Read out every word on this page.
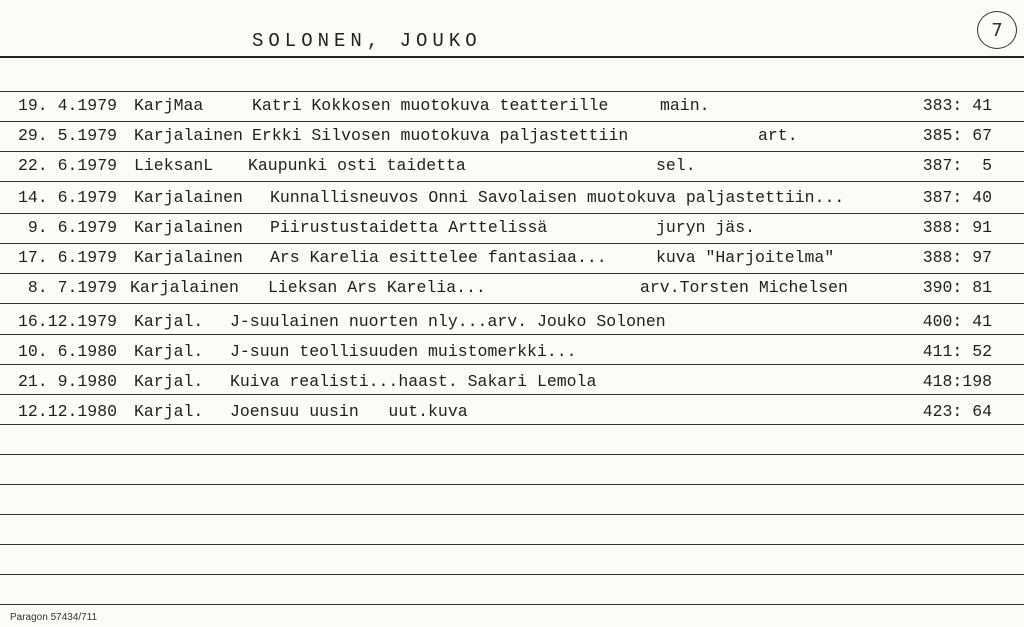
SOLONEN, JOUKO	7
19. 4.1979 KarjMaa	Katri Kokkosen muotokuva teatterille	main.	383: 41
29. 5.1979 Karjalainen Erkki Silvosen muotokuva paljastettiin	art.	385: 67
22. 6.1979 LieksanL Kaupunki osti taidetta	sel.	387:  5
14. 6.1979 Karjalainen Kunnallisneuvos Onni Savolaisen muotokuva paljastettiin...	387: 40
9. 6.1979 Karjalainen Piirustustaidetta Arttelissä	juryn jäs.	388: 91
17. 6.1979 Karjalainen Ars Karelia esittelee fantasiaa...	kuva "Harjoitelma"	388: 97
8. 7.1979 Karjalainen Lieksan Ars Karelia...	arv.Torsten Michelsen	390: 81
16.12.1979 Karjal. J-suulainen nuorten nly...arv. Jouko Solonen	400: 41
10. 6.1980 Karjal. J-suun teollisuuden muistomerkki...	411: 52
21. 9.1980 Karjal. Kuiva realisti...haast. Sakari Lemola	418:198
12.12.1980 Karjal. Joensuu uusin   uut.kuva	423: 64
Paragon 57434/711
